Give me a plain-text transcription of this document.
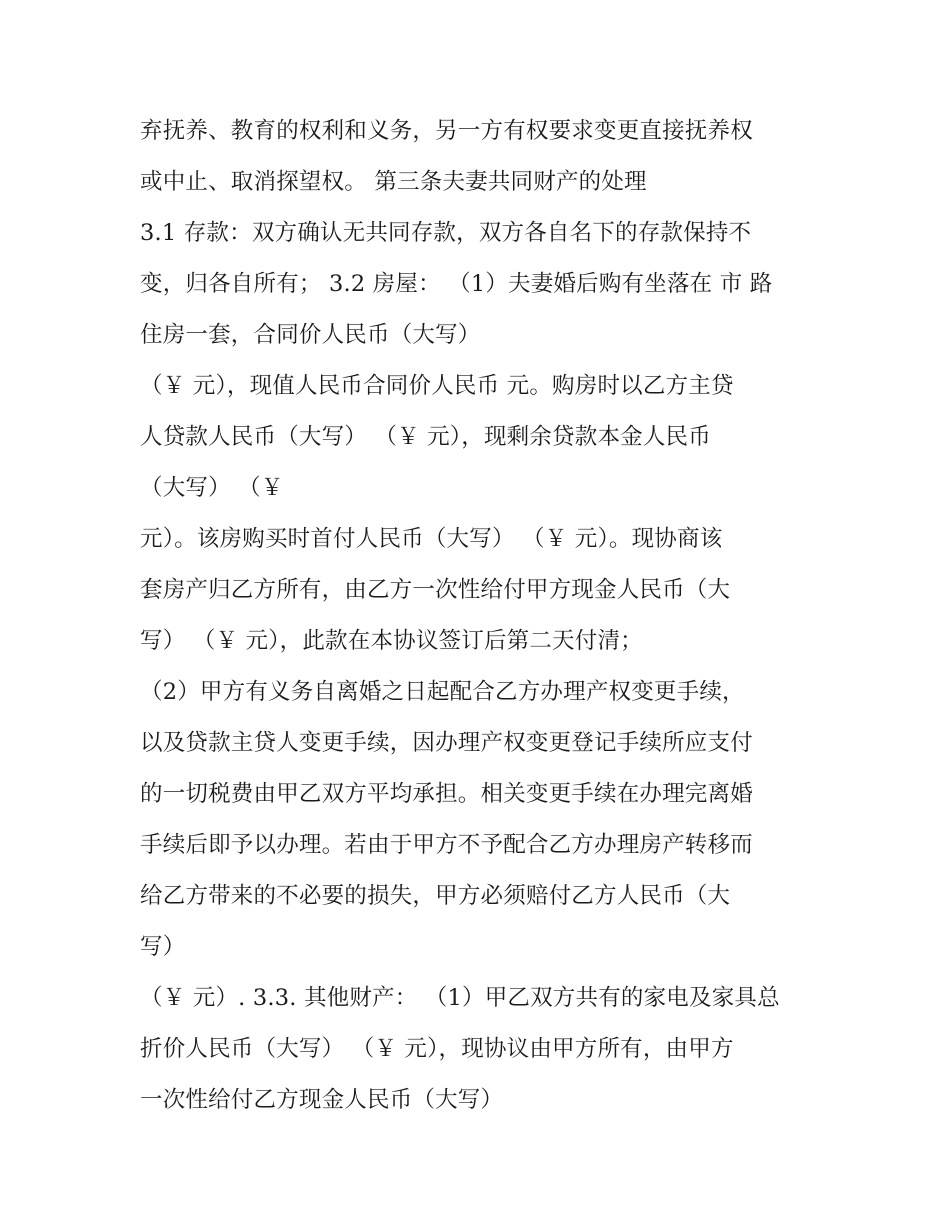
弃抚养、教育的权利和义务，另一方有权要求变更直接抚养权

或中止、取消探望权。 第三条夫妻共同财产的处理

3.1 存款：双方确认无共同存款，双方各自名下的存款保持不

变，归各自所有； 3.2 房屋： （1）夫妻婚后购有坐落在 市 路

住房一套，合同价人民币（大写）

（￥ 元），现值人民币合同价人民币 元。购房时以乙方主贷

人贷款人民币（大写） （￥ 元），现剩余贷款本金人民币

（大写） （￥

元）。该房购买时首付人民币（大写） （￥ 元）。现协商该

套房产归乙方所有，由乙方一次性给付甲方现金人民币（大

写） （￥ 元），此款在本协议签订后第二天付清；

（2）甲方有义务自离婚之日起配合乙方办理产权变更手续，

以及贷款主贷人变更手续，因办理产权变更登记手续所应支付

的一切税费由甲乙双方平均承担。相关变更手续在办理完离婚

手续后即予以办理。若由于甲方不予配合乙方办理房产转移而

给乙方带来的不必要的损失，甲方必须赔付乙方人民币（大

写）

（￥ 元）. 3.3. 其他财产： （1）甲乙双方共有的家电及家具总

折价人民币（大写） （￥ 元），现协议由甲方所有，由甲方

一次性给付乙方现金人民币（大写）
